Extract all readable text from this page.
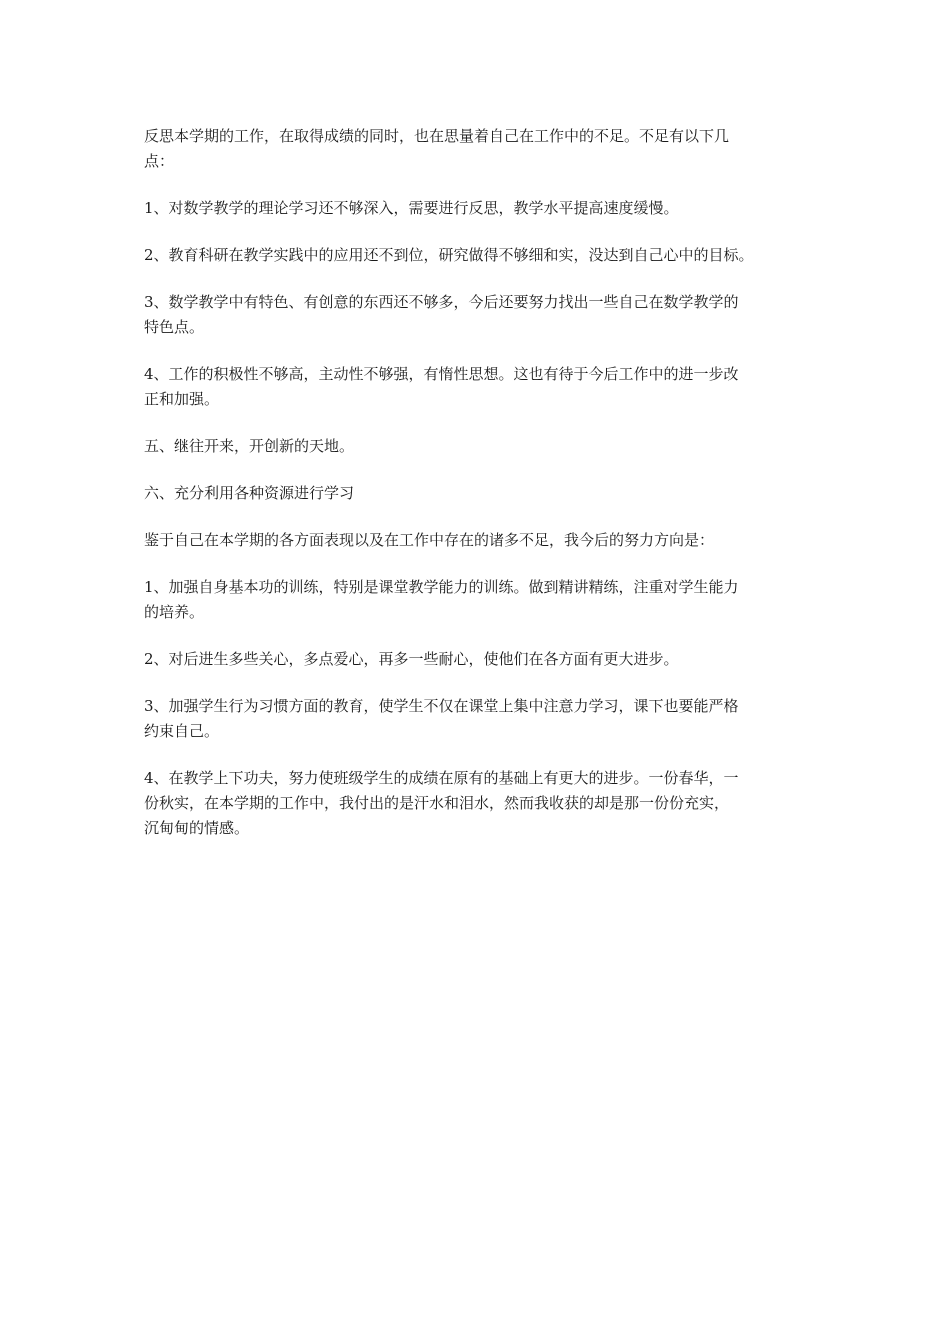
反思本学期的工作，在取得成绩的同时，也在思量着自己在工作中的不足。不足有以下几
点：

1、对数学教学的理论学习还不够深入，需要进行反思，教学水平提高速度缓慢。

2、教育科研在教学实践中的应用还不到位，研究做得不够细和实，没达到自己心中的目标。

3、数学教学中有特色、有创意的东西还不够多，今后还要努力找出一些自己在数学教学的
特色点。

4、工作的积极性不够高，主动性不够强，有惰性思想。这也有待于今后工作中的进一步改
正和加强。

五、继往开来，开创新的天地。

六、充分利用各种资源进行学习

鉴于自己在本学期的各方面表现以及在工作中存在的诸多不足，我今后的努力方向是：

1、加强自身基本功的训练，特别是课堂教学能力的训练。做到精讲精练，注重对学生能力
的培养。

2、对后进生多些关心，多点爱心，再多一些耐心，使他们在各方面有更大进步。

3、加强学生行为习惯方面的教育，使学生不仅在课堂上集中注意力学习，课下也要能严格
约束自己。

4、在教学上下功夫，努力使班级学生的成绩在原有的基础上有更大的进步。一份春华，一
份秋实，在本学期的工作中，我付出的是汗水和泪水，然而我收获的却是那一份份充实，
沉甸甸的情感。
